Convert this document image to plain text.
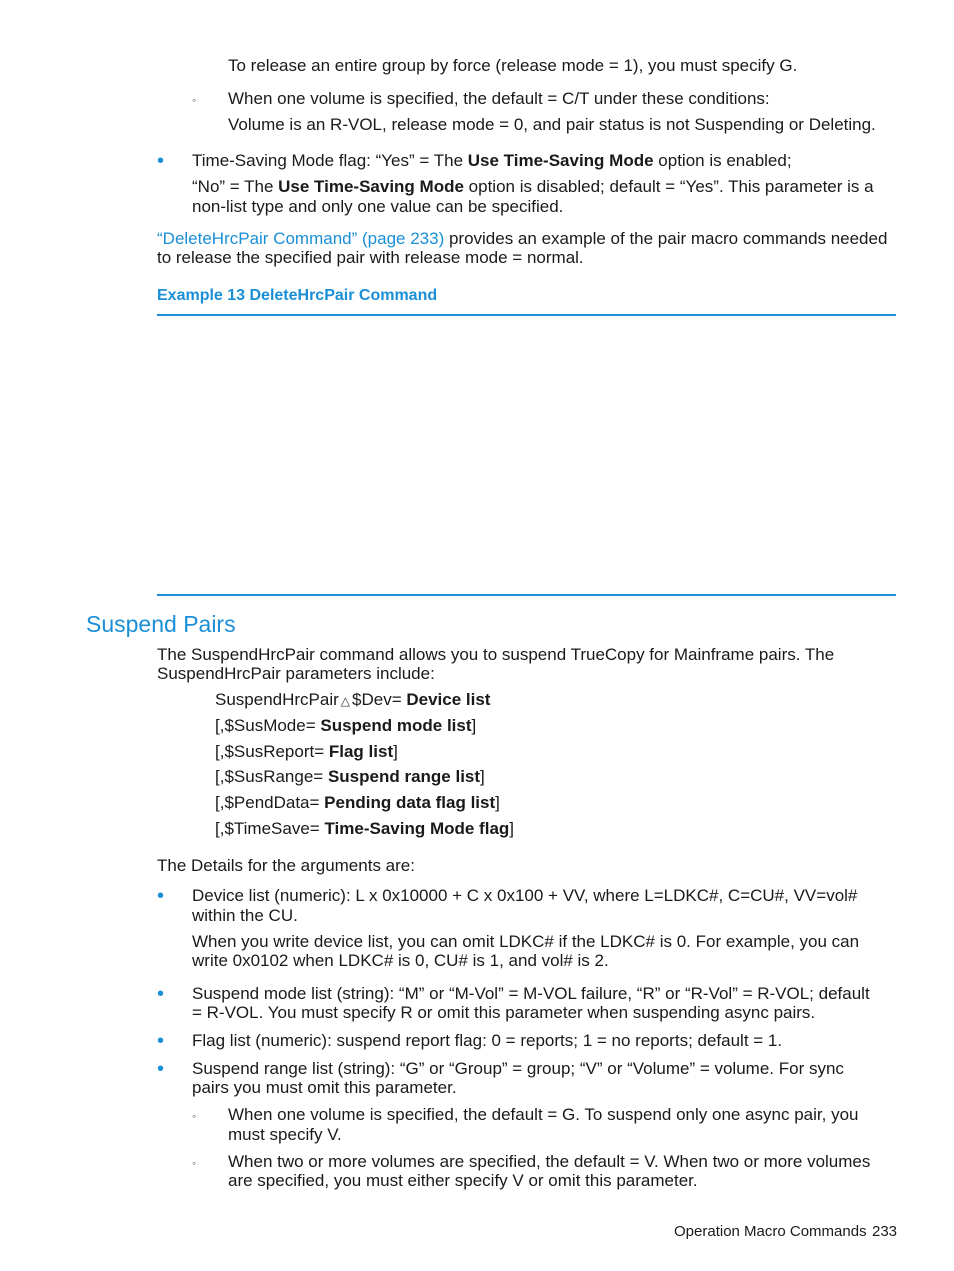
To release an entire group by force (release mode = 1), you must specify G.
◦ When one volume is specified, the default = C/T under these conditions:
Volume is an R-VOL, release mode = 0, and pair status is not Suspending or Deleting.
• Time-Saving Mode flag: “Yes” = The Use Time-Saving Mode option is enabled;
“No” = The Use Time-Saving Mode option is disabled; default = “Yes”. This parameter is a
non-list type and only one value can be specified.
“DeleteHrcPair Command” (page 233) provides an example of the pair macro commands needed
to release the specified pair with release mode = normal.
Example 13 DeleteHrcPair Command
Suspend Pairs
The SuspendHrcPair command allows you to suspend TrueCopy for Mainframe pairs. The
SuspendHrcPair parameters include:
SuspendHrcPair △ $Dev= Device list
[,$SusMode= Suspend mode list]
[,$SusReport= Flag list]
[,$SusRange= Suspend range list]
[,$PendData= Pending data flag list]
[,$TimeSave= Time-Saving Mode flag]
The Details for the arguments are:
• Device list (numeric): L x 0x10000 + C x 0x100 + VV, where L=LDKC#, C=CU#, VV=vol#
within the CU.
When you write device list, you can omit LDKC# if the LDKC# is 0. For example, you can
write 0x0102 when LDKC# is 0, CU# is 1, and vol# is 2.
• Suspend mode list (string): “M” or “M-Vol” = M-VOL failure, “R” or “R-Vol” = R-VOL; default
= R-VOL. You must specify R or omit this parameter when suspending async pairs.
• Flag list (numeric): suspend report flag: 0 = reports; 1 = no reports; default = 1.
• Suspend range list (string): “G” or “Group” = group; “V” or “Volume” = volume. For sync
pairs you must omit this parameter.
◦ When one volume is specified, the default = G. To suspend only one async pair, you
must specify V.
◦ When two or more volumes are specified, the default = V. When two or more volumes
are specified, you must either specify V or omit this parameter.
Operation Macro Commands 233
